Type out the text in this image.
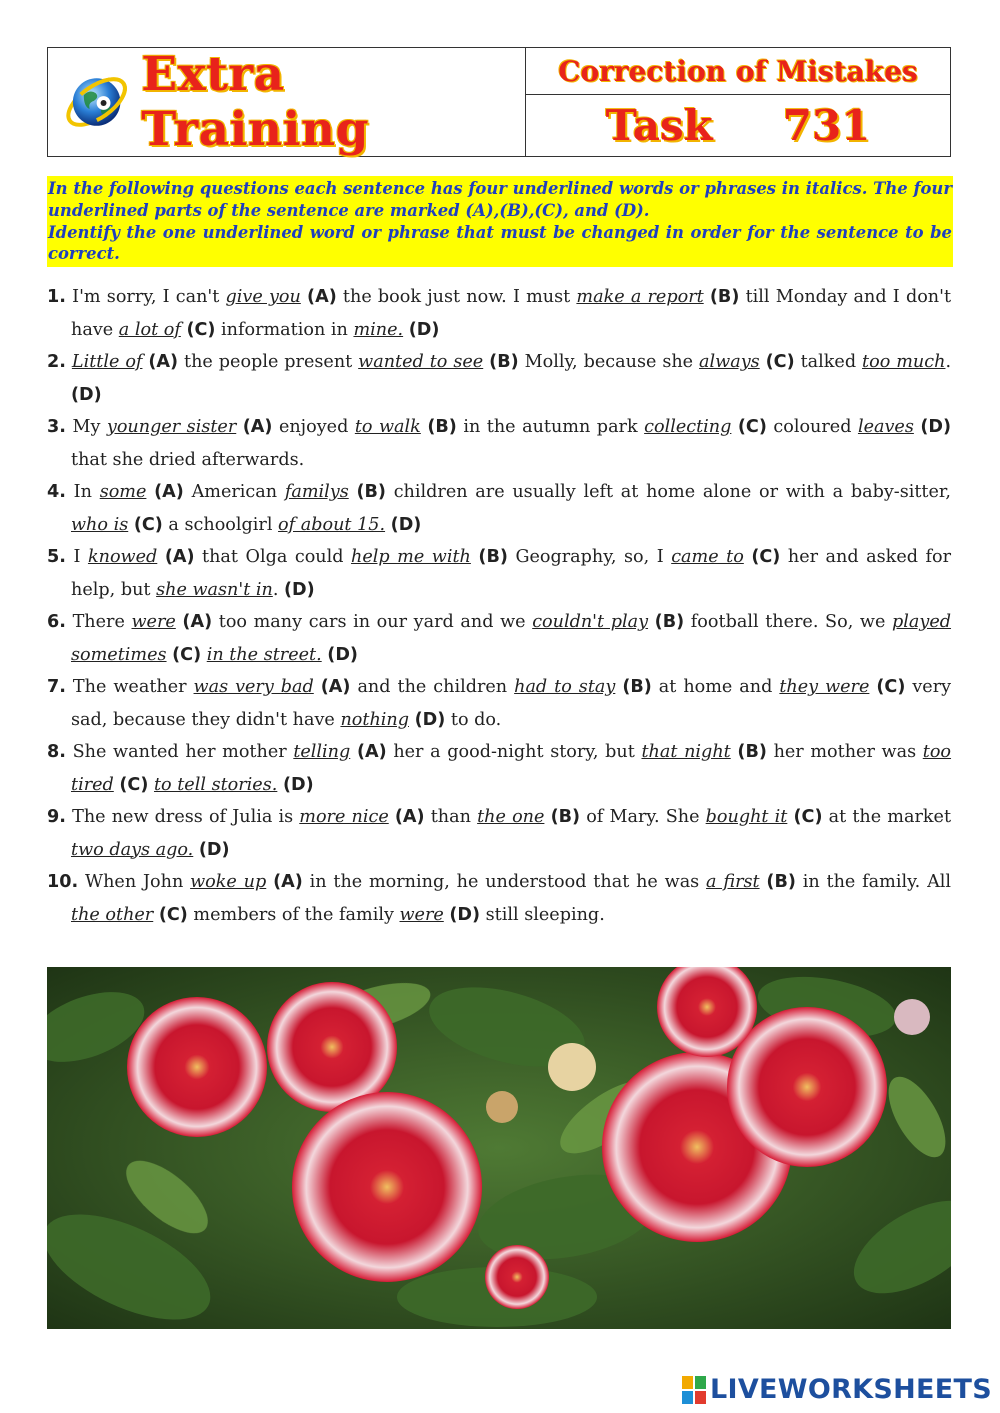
Extra Training
Correction of Mistakes
Task 731

In the following questions each sentence has four underlined words or phrases in italics. The four underlined parts of the sentence are marked (A),(B),(C), and (D).

Identify the one underlined word or phrase that must be changed in order for the sentence to be correct.

1. I'm sorry, I can't give you (A) the book just now. I must make a report (B) till Monday and I don't have a lot of (C) information in mine. (D)
2. Little of (A) the people present wanted to see (B) Molly, because she always (C) talked too much. (D)
3. My younger sister (A) enjoyed to walk (B) in the autumn park collecting (C) coloured leaves (D) that she dried afterwards.
4. In some (A) American familys (B) children are usually left at home alone or with a baby-sitter, who is (C) a schoolgirl of about 15. (D)
5. I knowed (A) that Olga could help me with (B) Geography, so, I came to (C) her and asked for help, but she wasn't in. (D)
6. There were (A) too many cars in our yard and we couldn't play (B) football there. So, we played sometimes (C) in the street. (D)
7. The weather was very bad (A) and the children had to stay (B) at home and they were (C) very sad, because they didn't have nothing (D) to do.
8. She wanted her mother telling (A) her a good-night story, but that night (B) her mother was too tired (C) to tell stories. (D)
9. The new dress of Julia is more nice (A) than the one (B) of Mary. She bought it (C) at the market two days ago. (D)
10. When John woke up (A) in the morning, he understood that he was a first (B) in the family. All the other (C) members of the family were (D) still sleeping.
LIVEWORKSHEETS
